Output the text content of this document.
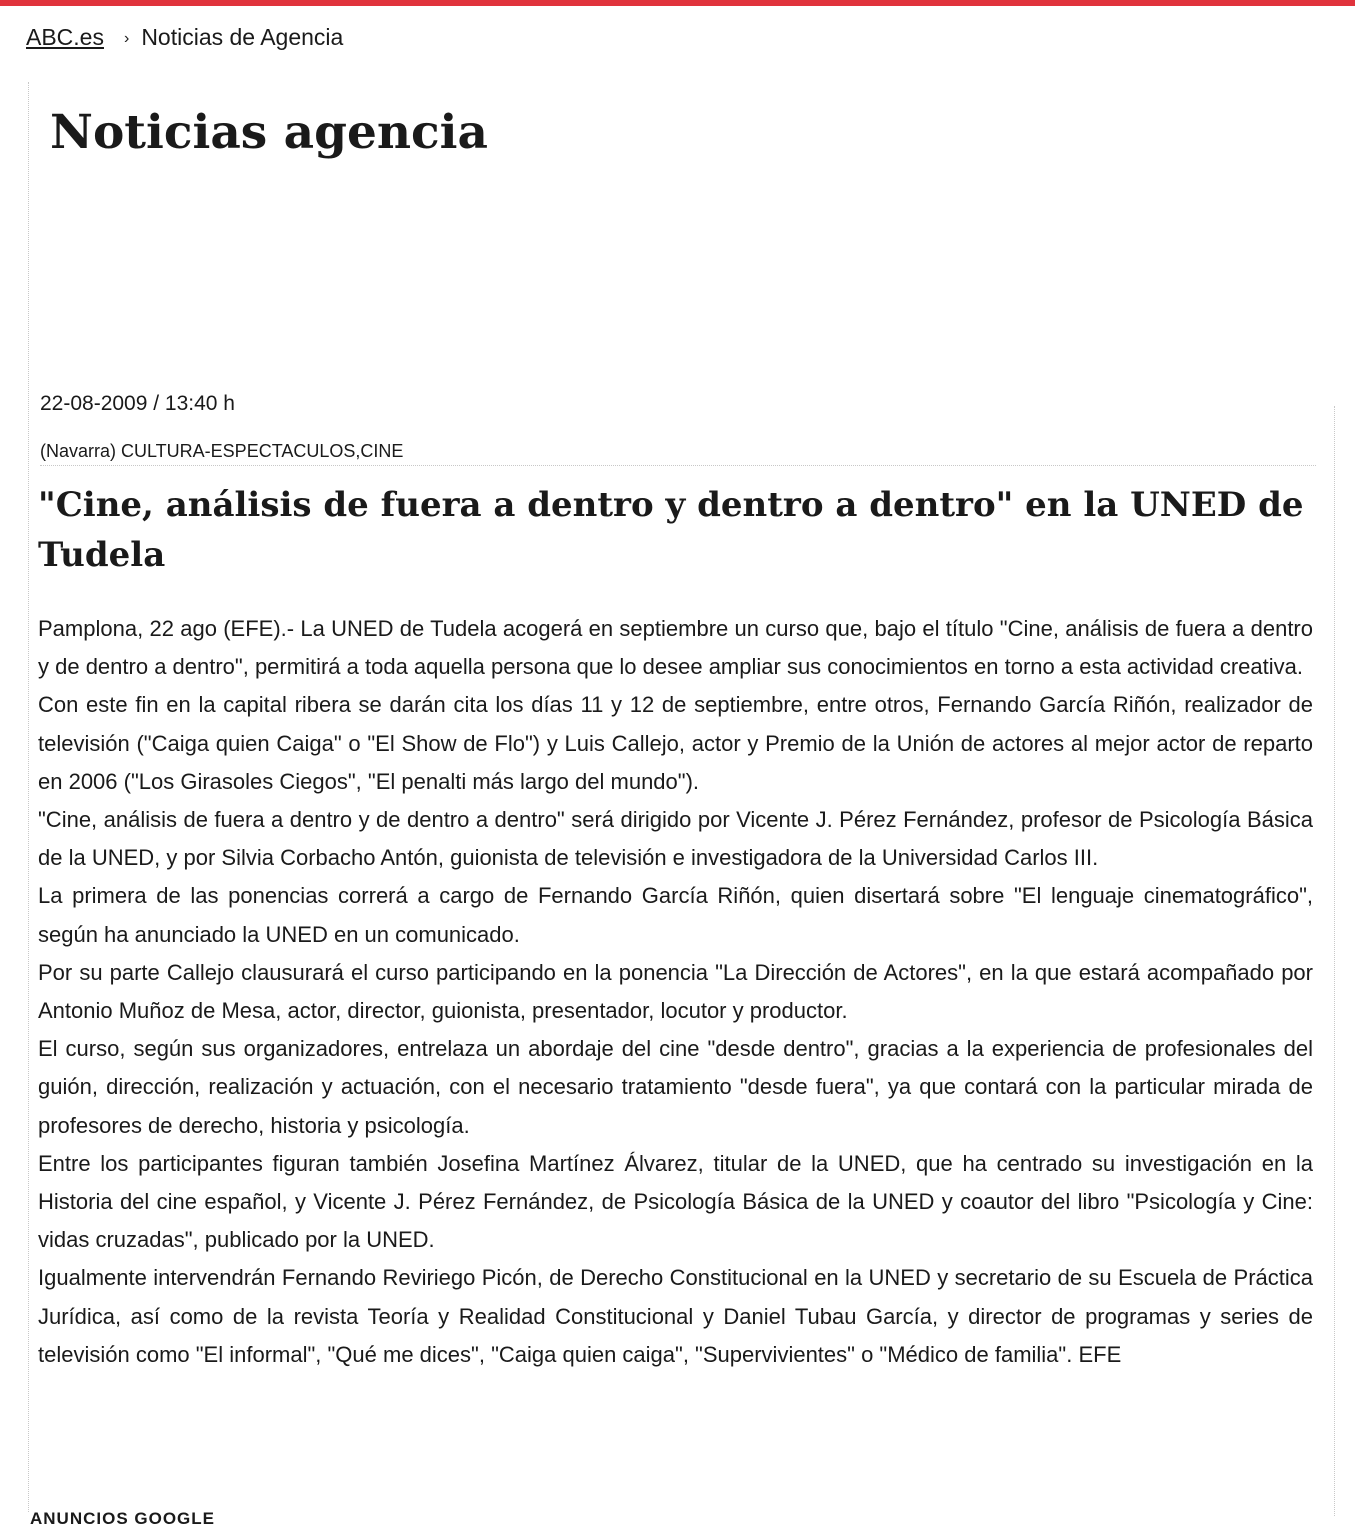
ABC.es › Noticias de Agencia
Noticias agencia
22-08-2009 / 13:40 h
(Navarra) CULTURA-ESPECTACULOS,CINE
"Cine, análisis de fuera a dentro y dentro a dentro" en la UNED de Tudela

Pamplona, 22 ago (EFE).- La UNED de Tudela acogerá en septiembre un curso que, bajo el título "Cine, análisis de fuera a dentro y de dentro a dentro", permitirá a toda aquella persona que lo desee ampliar sus conocimientos en torno a esta actividad creativa.

Con este fin en la capital ribera se darán cita los días 11 y 12 de septiembre, entre otros, Fernando García Riñón, realizador de televisión ("Caiga quien Caiga" o "El Show de Flo") y Luis Callejo, actor y Premio de la Unión de actores al mejor actor de reparto en 2006 ("Los Girasoles Ciegos", "El penalti más largo del mundo").

"Cine, análisis de fuera a dentro y de dentro a dentro" será dirigido por Vicente J. Pérez Fernández, profesor de Psicología Básica de la UNED, y por Silvia Corbacho Antón, guionista de televisión e investigadora de la Universidad Carlos III.

La primera de las ponencias correrá a cargo de Fernando García Riñón, quien disertará sobre "El lenguaje cinematográfico", según ha anunciado la UNED en un comunicado.

Por su parte Callejo clausurará el curso participando en la ponencia "La Dirección de Actores", en la que estará acompañado por Antonio Muñoz de Mesa, actor, director, guionista, presentador, locutor y productor.

El curso, según sus organizadores, entrelaza un abordaje del cine "desde dentro", gracias a la experiencia de profesionales del guión, dirección, realización y actuación, con el necesario tratamiento "desde fuera", ya que contará con la particular mirada de profesores de derecho, historia y psicología.

Entre los participantes figuran también Josefina Martínez Álvarez, titular de la UNED, que ha centrado su investigación en la Historia del cine español, y Vicente J. Pérez Fernández, de Psicología Básica de la UNED y coautor del libro "Psicología y Cine: vidas cruzadas", publicado por la UNED.

Igualmente intervendrán Fernando Reviriego Picón, de Derecho Constitucional en la UNED y secretario de su Escuela de Práctica Jurídica, así como de la revista Teoría y Realidad Constitucional y Daniel Tubau García, y director de programas y series de televisión como "El informal", "Qué me dices", "Caiga quien caiga", "Supervivientes" o "Médico de familia". EFE

ANUNCIOS GOOGLE
